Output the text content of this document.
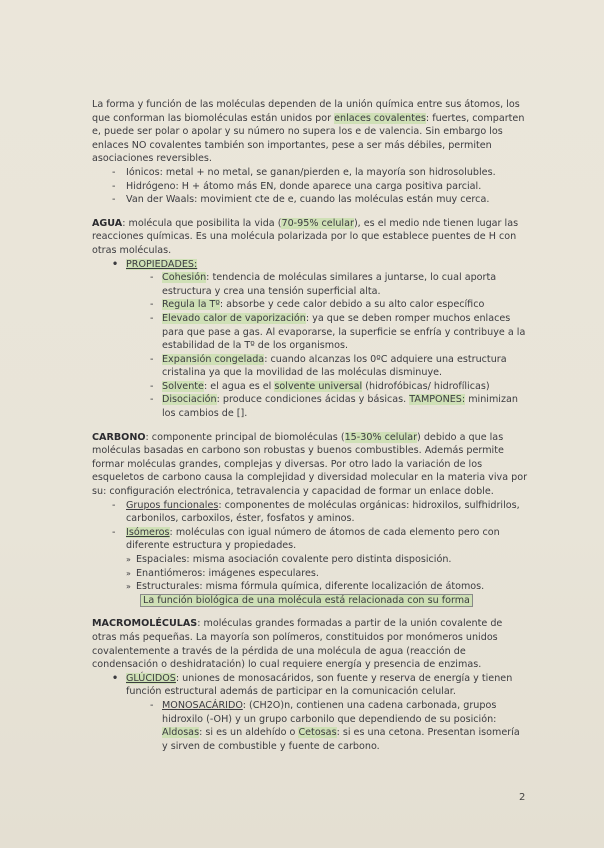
La forma y función de las moléculas dependen de la unión química entre sus átomos, los que conforman las biomoléculas están unidos por enlaces covalentes: fuertes, comparten e, puede ser polar o apolar y su número no supera los e de valencia. Sin embargo los enlaces NO covalentes también son importantes, pese a ser más débiles, permiten asociaciones reversibles.

- Iónicos: metal + no metal, se ganan/pierden e, la mayoría son hidrosolubles.
- Hidrógeno: H + átomo más EN, donde aparece una carga positiva parcial.
- Van der Waals: movimient cte de e, cuando las moléculas están muy cerca.

AGUA: molécula que posibilita la vida (70-95% celular), es el medio nde tienen lugar las reacciones químicas. Es una molécula polarizada por lo que establece puentes de H con otras moléculas.

• PROPIEDADES:
- Cohesión: tendencia de moléculas similares a juntarse, lo cual aporta estructura y crea una tensión superficial alta.
- Regula la Tº: absorbe y cede calor debido a su alto calor específico
- Elevado calor de vaporización: ya que se deben romper muchos enlaces para que pase a gas. Al evaporarse, la superficie se enfría y contribuye a la estabilidad de la Tº de los organismos.
- Expansión congelada: cuando alcanzas los 0ºC adquiere una estructura cristalina ya que la movilidad de las moléculas disminuye.
- Solvente: el agua es el solvente universal (hidrofóbicas/ hidrofílicas)
- Disociación: produce condiciones ácidas y básicas. TAMPONES: minimizan los cambios de [].

CARBONO: componente principal de biomoléculas (15-30% celular) debido a que las moléculas basadas en carbono son robustas y buenos combustibles. Además permite formar moléculas grandes, complejas y diversas. Por otro lado la variación de los esqueletos de carbono causa la complejidad y diversidad molecular en la materia viva por su: configuración electrónica, tetravalencia y capacidad de formar un enlace doble.

- Grupos funcionales: componentes de moléculas orgánicas: hidroxilos, sulfhidrilos, carbonilos, carboxilos, éster, fosfatos y aminos.
- Isómeros: moléculas con igual número de átomos de cada elemento pero con diferente estructura y propiedades.
» Espaciales: misma asociación covalente pero distinta disposición.
» Enantiómeros: imágenes especulares.
» Estructurales: misma fórmula química, diferente localización de átomos.

La función biológica de una molécula está relacionada con su forma

MACROMOLÉCULAS: moléculas grandes formadas a partir de la unión covalente de otras más pequeñas. La mayoría son polímeros, constituidos por monómeros unidos covalentemente a través de la pérdida de una molécula de agua (reacción de condensación o deshidratación) lo cual requiere energía y presencia de enzimas.

• GLÚCIDOS: uniones de monosacáridos, son fuente y reserva de energía y tienen función estructural además de participar en la comunicación celular.
- MONOSACÁRIDO: (CH2O)n, contienen una cadena carbonada, grupos hidroxilo (-OH) y un grupo carbonilo que dependiendo de su posición: Aldosas: si es un aldehído o Cetosas: si es una cetona. Presentan isomería y sirven de combustible y fuente de carbono.
2
